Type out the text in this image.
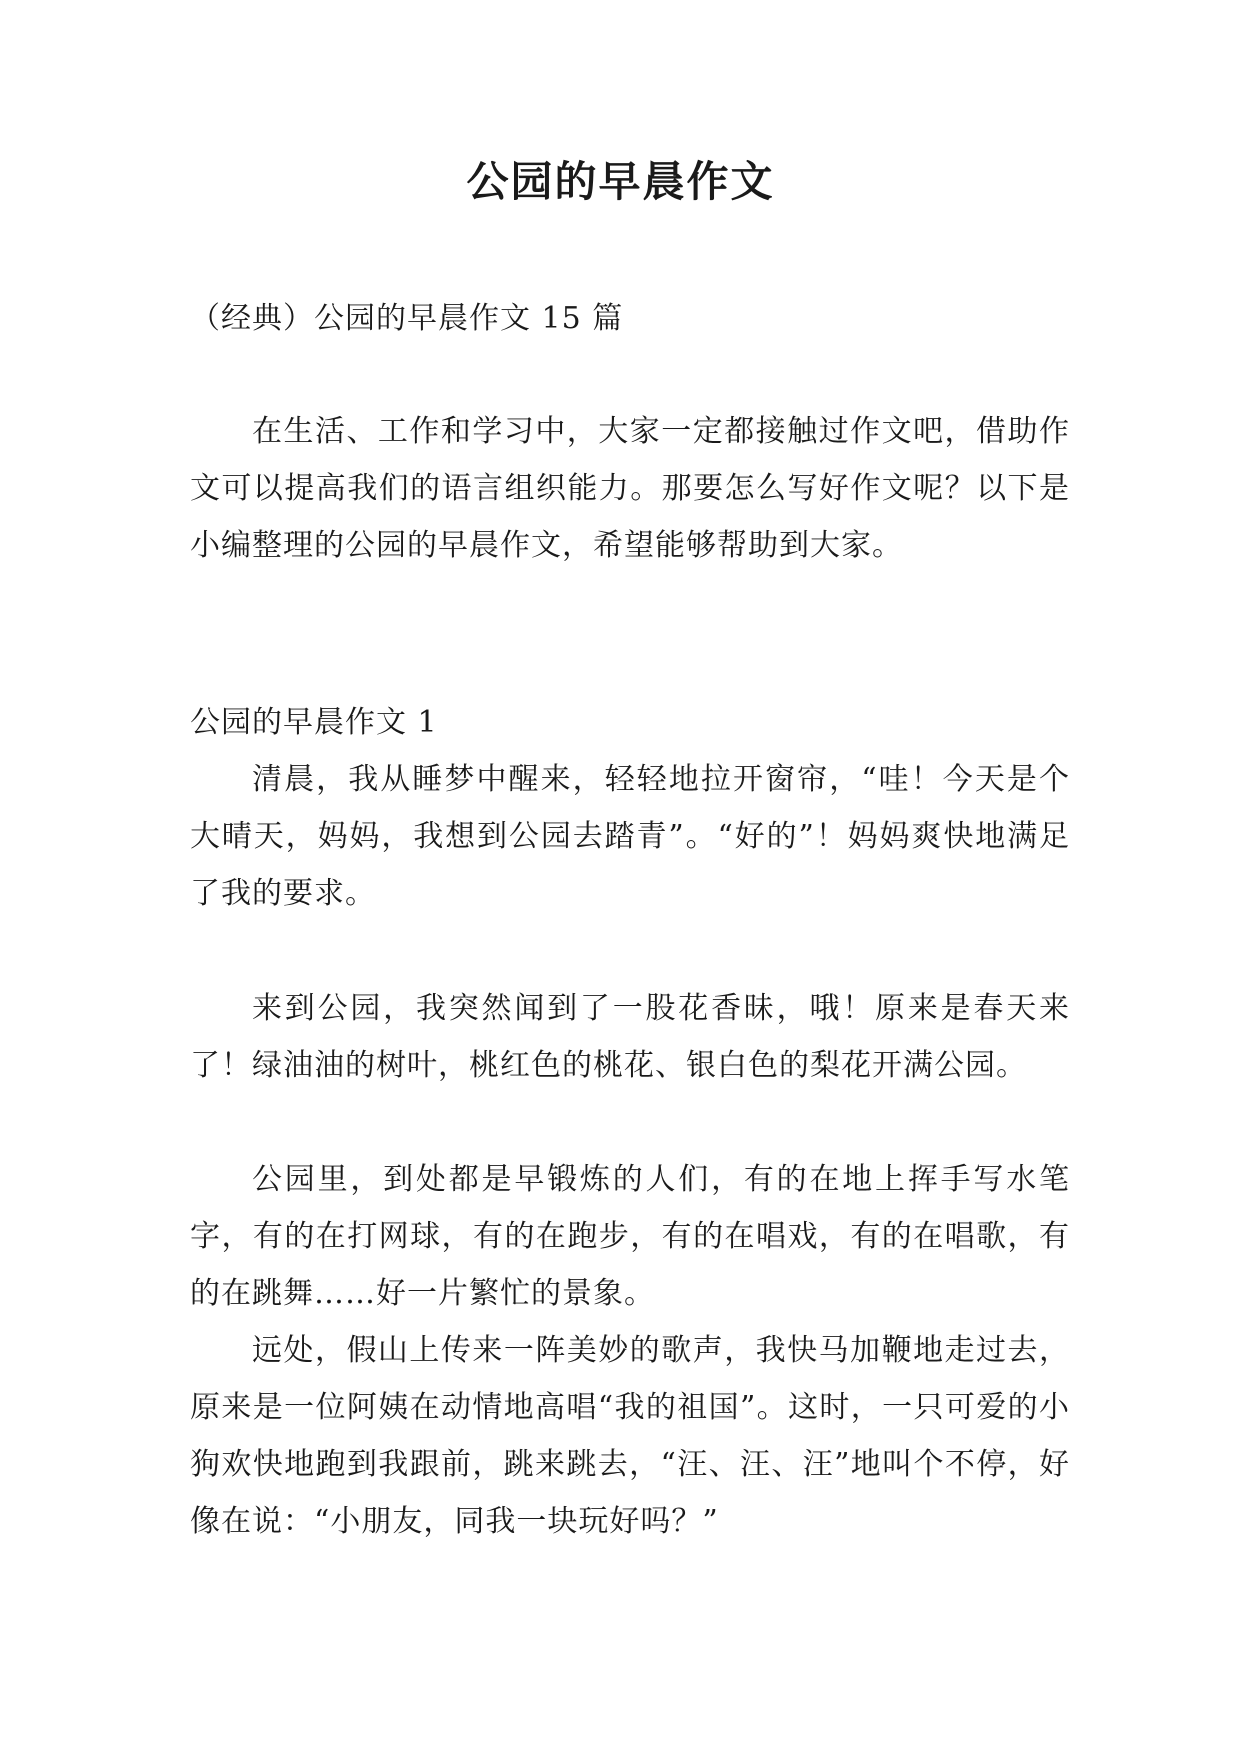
公园的早晨作文

（经典）公园的早晨作文 15 篇

在生活、工作和学习中，大家一定都接触过作文吧，借助作文可以提高我们的语言组织能力。那要怎么写好作文呢？以下是小编整理的公园的早晨作文，希望能够帮助到大家。

公园的早晨作文 1

清晨，我从睡梦中醒来，轻轻地拉开窗帘，“哇！今天是个大晴天，妈妈，我想到公园去踏青”。“好的”！妈妈爽快地满足了我的要求。

来到公园，我突然闻到了一股花香昧，哦！原来是春天来了！绿油油的树叶，桃红色的桃花、银白色的梨花开满公园。

公园里，到处都是早锻炼的人们，有的在地上挥手写水笔字，有的在打网球，有的在跑步，有的在唱戏，有的在唱歌，有的在跳舞……好一片繁忙的景象。

远处，假山上传来一阵美妙的歌声，我快马加鞭地走过去，原来是一位阿姨在动情地高唱“我的祖国”。这时，一只可爱的小狗欢快地跑到我跟前，跳来跳去，“汪、汪、汪”地叫个不停，好像在说：“小朋友，同我一块玩好吗？”
